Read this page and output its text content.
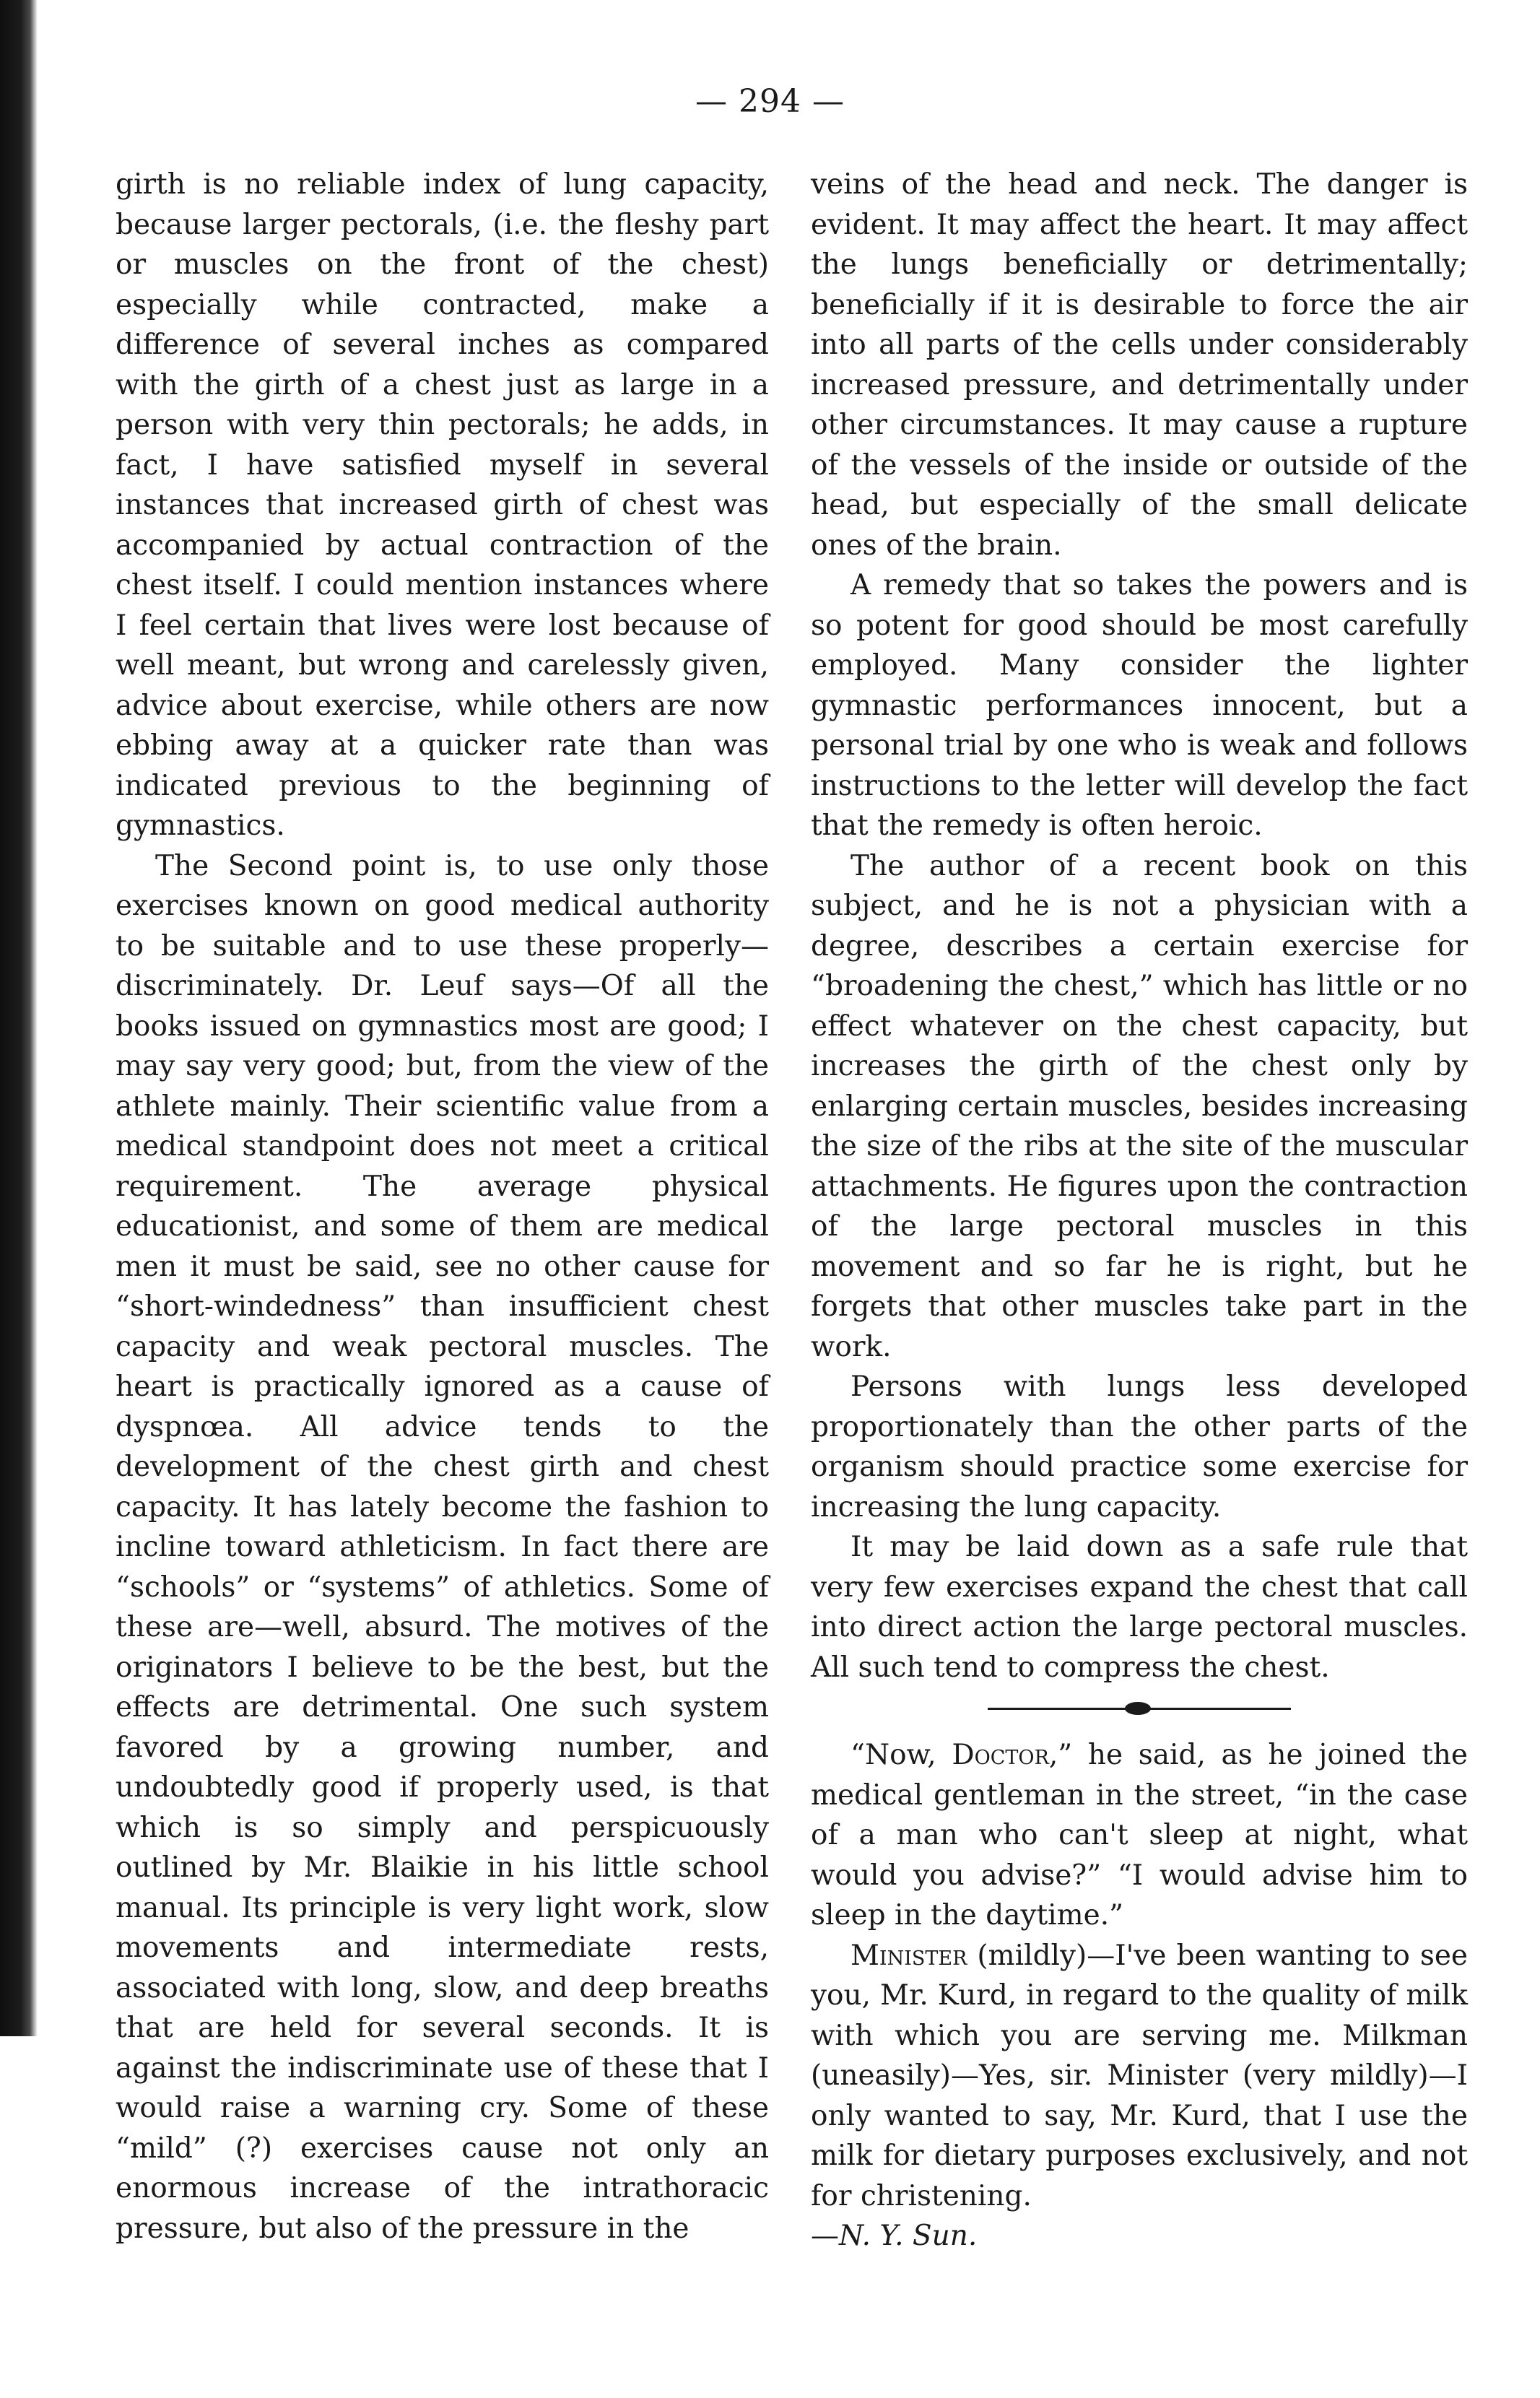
— 294 —

girth is no reliable index of lung capacity, because larger pectorals, (i.e. the fleshy part or muscles on the front of the chest) especially while contracted, make a difference of several inches as compared with the girth of a chest just as large in a person with very thin pectorals; he adds, in fact, I have satisfied myself in several instances that increased girth of chest was accompanied by actual contraction of the chest itself. I could mention instances where I feel certain that lives were lost because of well meant, but wrong and carelessly given, advice about exercise, while others are now ebbing away at a quicker rate than was indicated previous to the beginning of gymnastics.

The Second point is, to use only those exercises known on good medical authority to be suitable and to use these properly—discriminately. Dr. Leuf says—Of all the books issued on gymnastics most are good; I may say very good; but, from the view of the athlete mainly. Their scientific value from a medical standpoint does not meet a critical requirement. The average physical educationist, and some of them are medical men it must be said, see no other cause for “short-windedness” than insufficient chest capacity and weak pectoral muscles. The heart is practically ignored as a cause of dyspnœa. All advice tends to the development of the chest girth and chest capacity. It has lately become the fashion to incline toward athleticism. In fact there are “schools” or “systems” of athletics. Some of these are—well, absurd. The motives of the originators I believe to be the best, but the effects are detrimental. One such system favored by a growing number, and undoubtedly good if properly used, is that which is so simply and perspicuously outlined by Mr. Blaikie in his little school manual. Its principle is very light work, slow movements and intermediate rests, associated with long, slow, and deep breaths that are held for several seconds. It is against the indiscriminate use of these that I would raise a warning cry. Some of these “mild” (?) exercises cause not only an enormous increase of the intrathoracic pressure, but also of the pressure in the

veins of the head and neck. The danger is evident. It may affect the heart. It may affect the lungs beneficially or detrimentally; beneficially if it is desirable to force the air into all parts of the cells under considerably increased pressure, and detrimentally under other circumstances. It may cause a rupture of the vessels of the inside or outside of the head, but especially of the small delicate ones of the brain.

A remedy that so takes the powers and is so potent for good should be most carefully employed. Many consider the lighter gymnastic performances innocent, but a personal trial by one who is weak and follows instructions to the letter will develop the fact that the remedy is often heroic.

The author of a recent book on this subject, and he is not a physician with a degree, describes a certain exercise for “broadening the chest,” which has little or no effect whatever on the chest capacity, but increases the girth of the chest only by enlarging certain muscles, besides increasing the size of the ribs at the site of the muscular attachments. He figures upon the contraction of the large pectoral muscles in this movement and so far he is right, but he forgets that other muscles take part in the work.

Persons with lungs less developed proportionately than the other parts of the organism should practice some exercise for increasing the lung capacity.

It may be laid down as a safe rule that very few exercises expand the chest that call into direct action the large pectoral muscles. All such tend to compress the chest.

“Now, Doctor,” he said, as he joined the medical gentleman in the street, “in the case of a man who can't sleep at night, what would you advise?” “I would advise him to sleep in the daytime.”

Minister (mildly)—I've been wanting to see you, Mr. Kurd, in regard to the quality of milk with which you are serving me. Milkman (uneasily)—Yes, sir. Minister (very mildly)—I only wanted to say, Mr. Kurd, that I use the milk for dietary purposes exclusively, and not for christening.
—N. Y. Sun.
